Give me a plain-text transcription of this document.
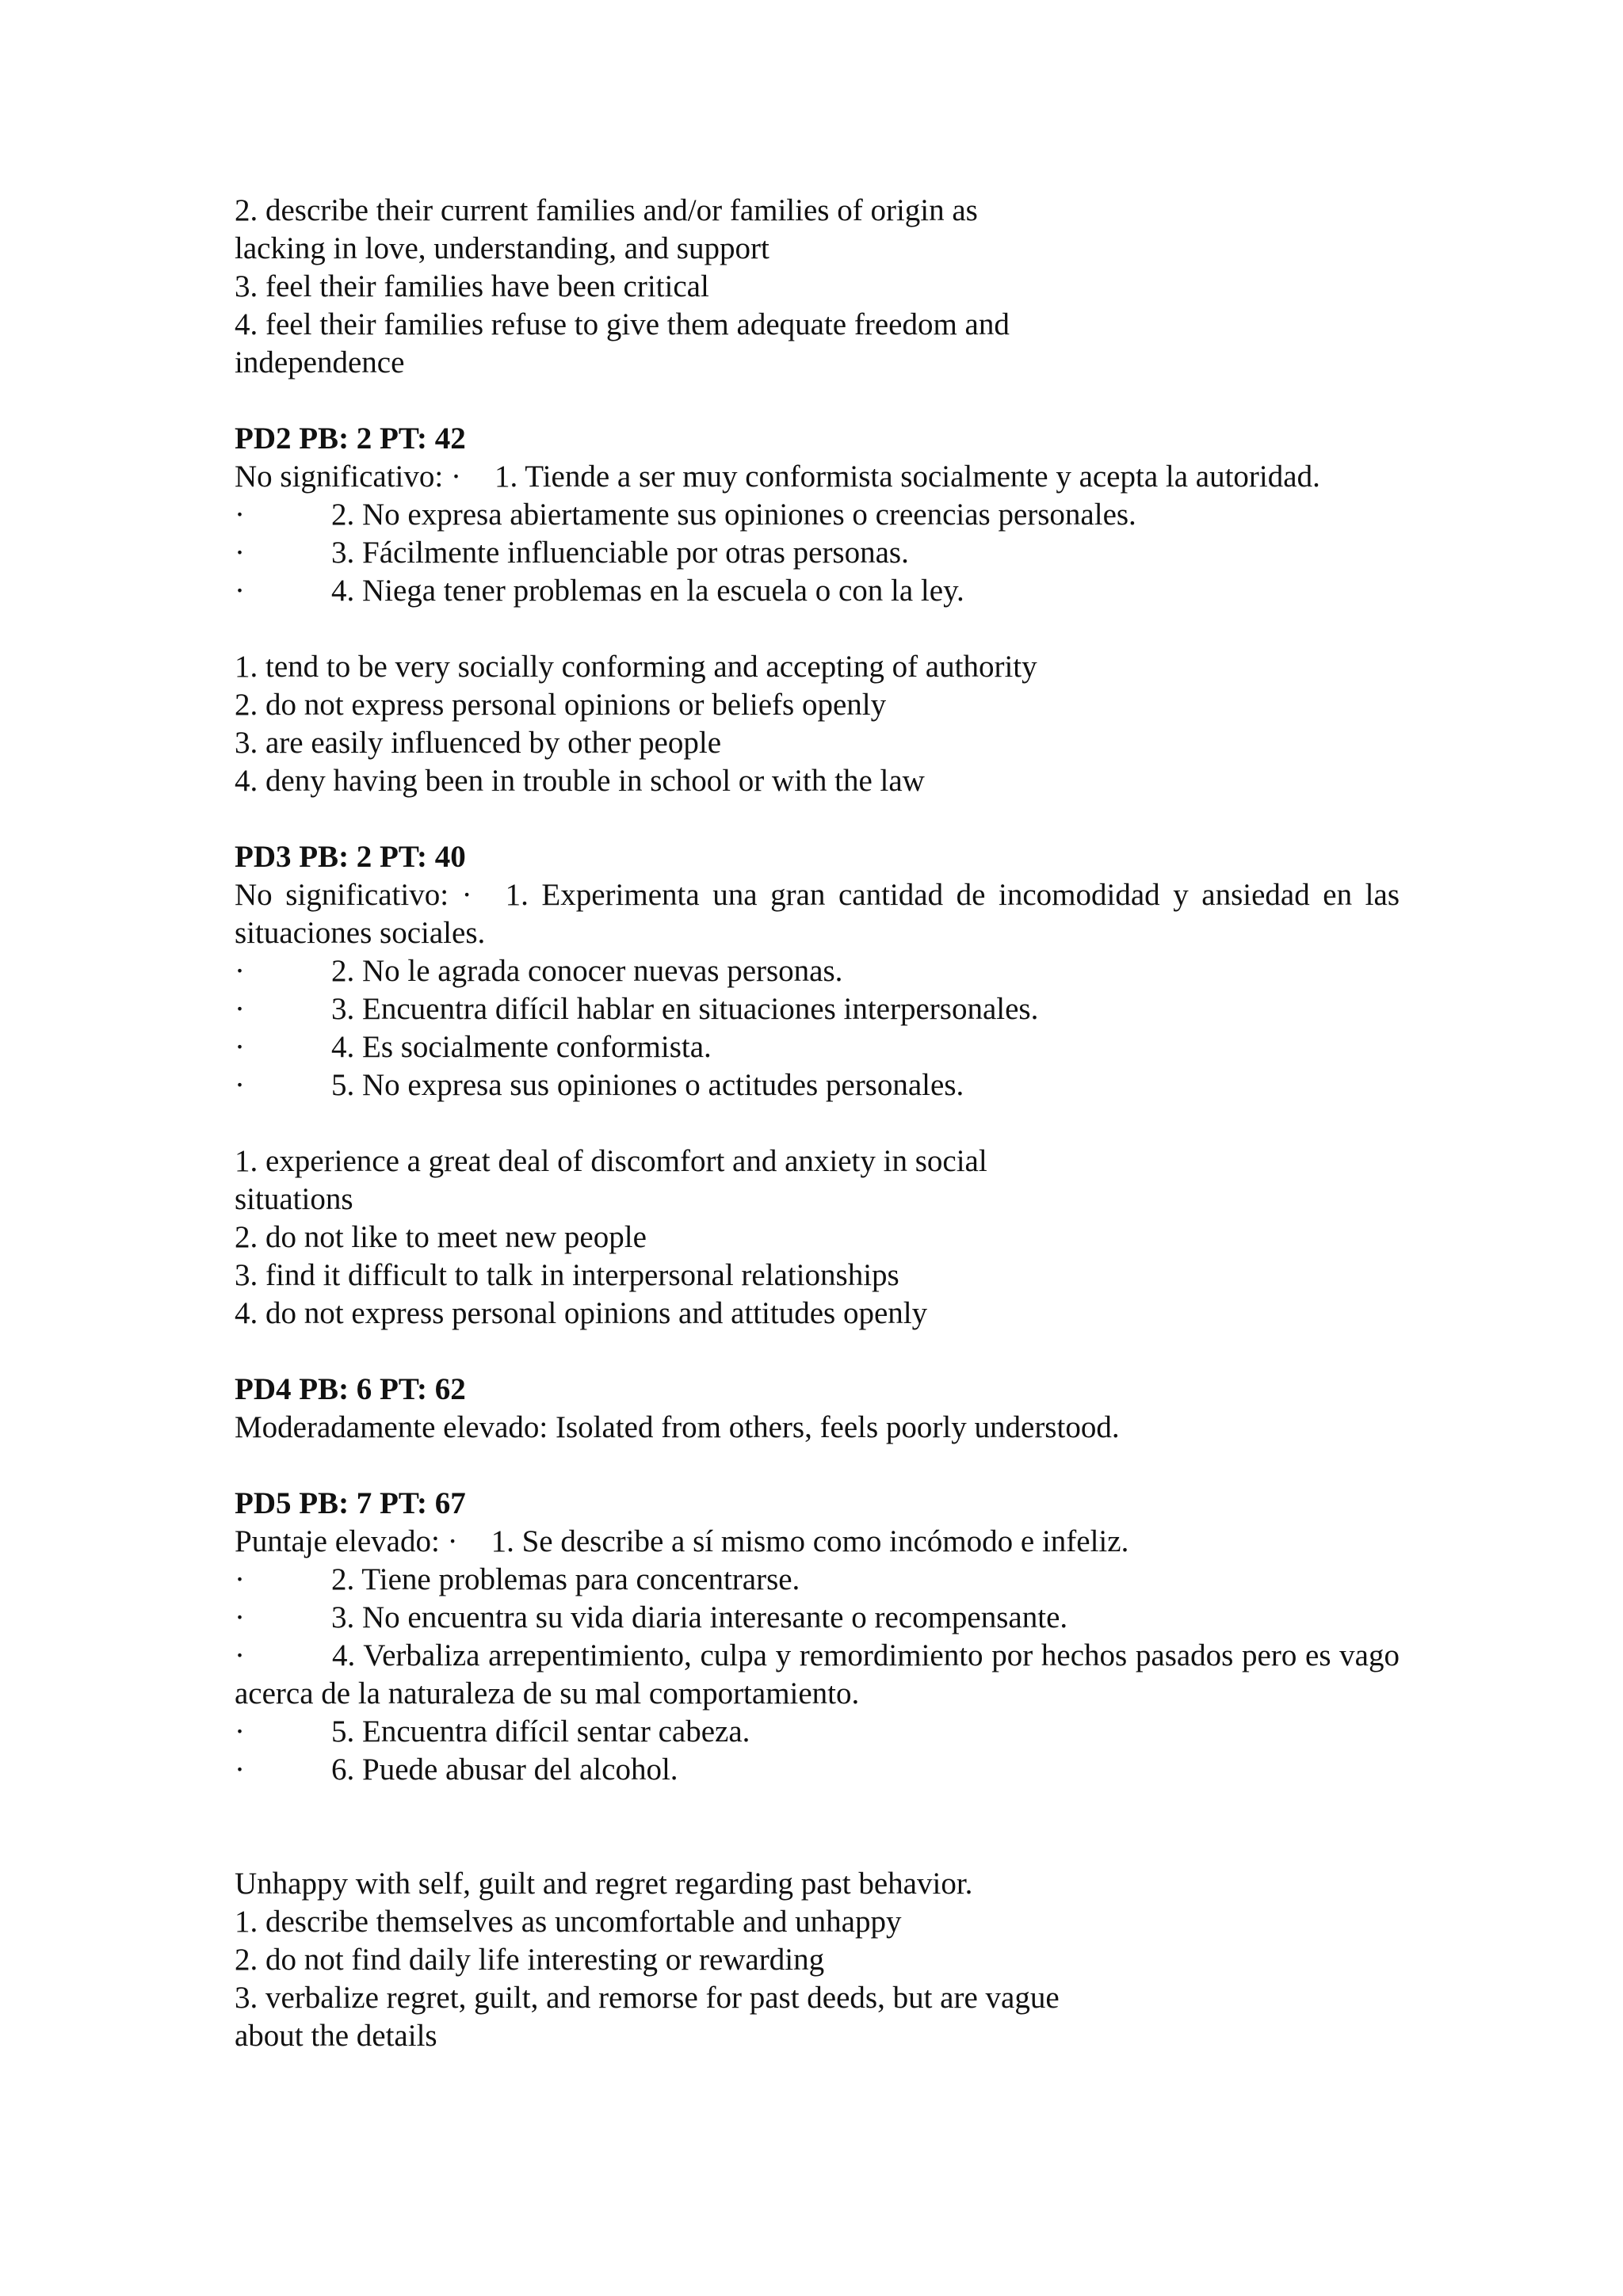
2. describe their current families and/or families of origin as
lacking in love, understanding, and support
3. feel their families have been critical
4. feel their families refuse to give them adequate freedom and
independence
PD2 PB: 2 PT: 42
No significativo: · 1. Tiende a ser muy conformista socialmente y acepta la autoridad.
·	2. No expresa abiertamente sus opiniones o creencias personales.
·	3. Fácilmente influenciable por otras personas.
·	4. Niega tener problemas en la escuela o con la ley.
1. tend to be very socially conforming and accepting of authority
2. do not express personal opinions or beliefs openly
3. are easily influenced by other people
4. deny having been in trouble in school or with the law
PD3 PB: 2 PT: 40
No significativo: · 1. Experimenta una gran cantidad de incomodidad y ansiedad en las situaciones sociales.
·	2. No le agrada conocer nuevas personas.
·	3. Encuentra difícil hablar en situaciones interpersonales.
·	4. Es socialmente conformista.
·	5. No expresa sus opiniones o actitudes personales.
1. experience a great deal of discomfort and anxiety in social
situations
2. do not like to meet new people
3. find it difficult to talk in interpersonal relationships
4. do not express personal opinions and attitudes openly
PD4 PB: 6 PT: 62
Moderadamente elevado: Isolated from others, feels poorly understood.
PD5 PB: 7 PT: 67
Puntaje elevado: · 1. Se describe a sí mismo como incómodo e infeliz.
·	2. Tiene problemas para concentrarse.
·	3. No encuentra su vida diaria interesante o recompensante.
·	4. Verbaliza arrepentimiento, culpa y remordimiento por hechos pasados pero es vago acerca de la naturaleza de su mal comportamiento.
·	5. Encuentra difícil sentar cabeza.
·	6. Puede abusar del alcohol.
Unhappy with self, guilt and regret regarding past behavior.
1. describe themselves as uncomfortable and unhappy
2. do not find daily life interesting or rewarding
3. verbalize regret, guilt, and remorse for past deeds, but are vague
about the details
